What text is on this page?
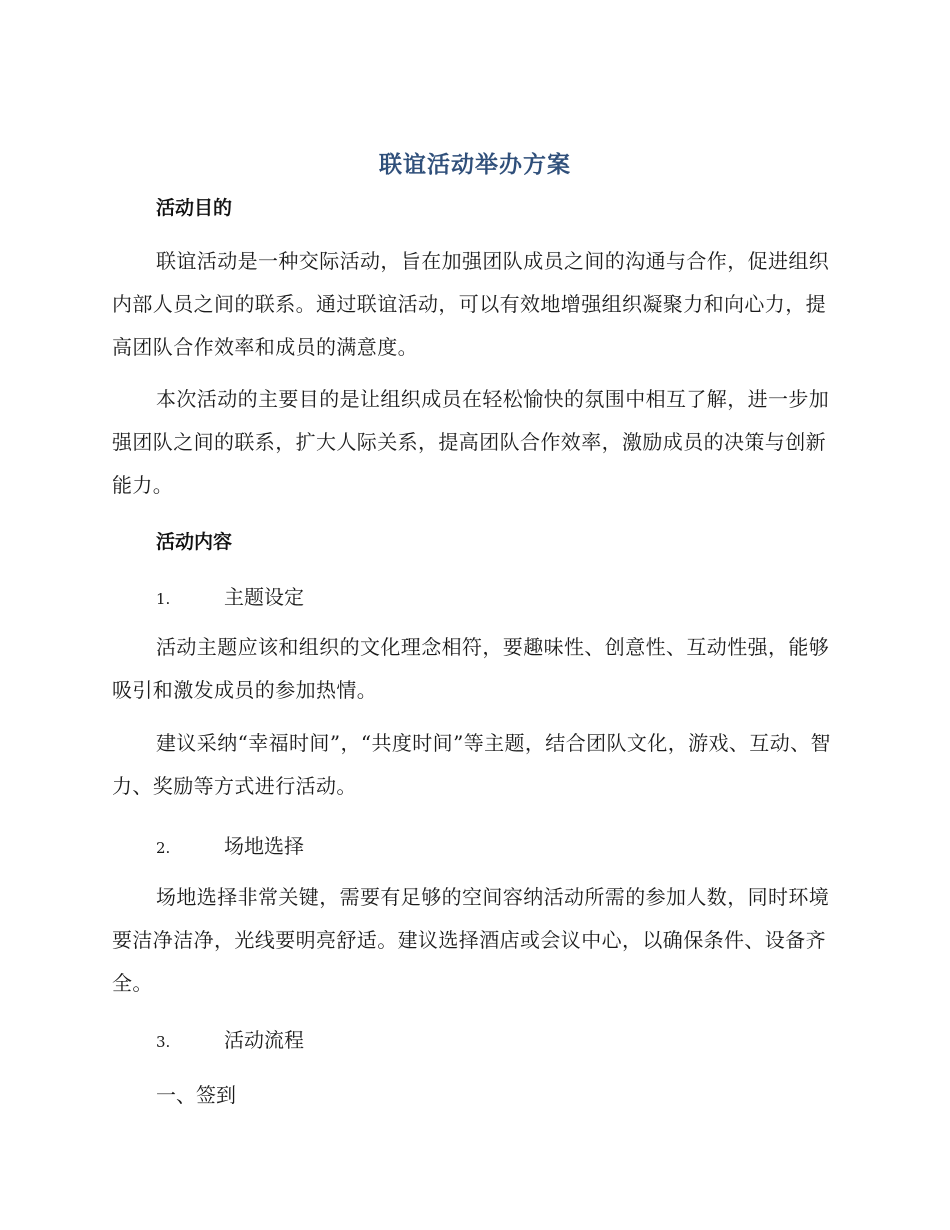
联谊活动举办方案
活动目的

联谊活动是一种交际活动，旨在加强团队成员之间的沟通与合作，促进组织内部人员之间的联系。通过联谊活动，可以有效地增强组织凝聚力和向心力，提高团队合作效率和成员的满意度。

本次活动的主要目的是让组织成员在轻松愉快的氛围中相互了解，进一步加强团队之间的联系，扩大人际关系，提高团队合作效率，激励成员的决策与创新能力。

活动内容
1.	主题设定

活动主题应该和组织的文化理念相符，要趣味性、创意性、互动性强，能够吸引和激发成员的参加热情。

建议采纳“幸福时间”，“共度时间”等主题，结合团队文化，游戏、互动、智力、奖励等方式进行活动。

2.	场地选择

场地选择非常关键，需要有足够的空间容纳活动所需的参加人数，同时环境要洁净洁净，光线要明亮舒适。建议选择酒店或会议中心，以确保条件、设备齐全。

3.	活动流程
一、签到
